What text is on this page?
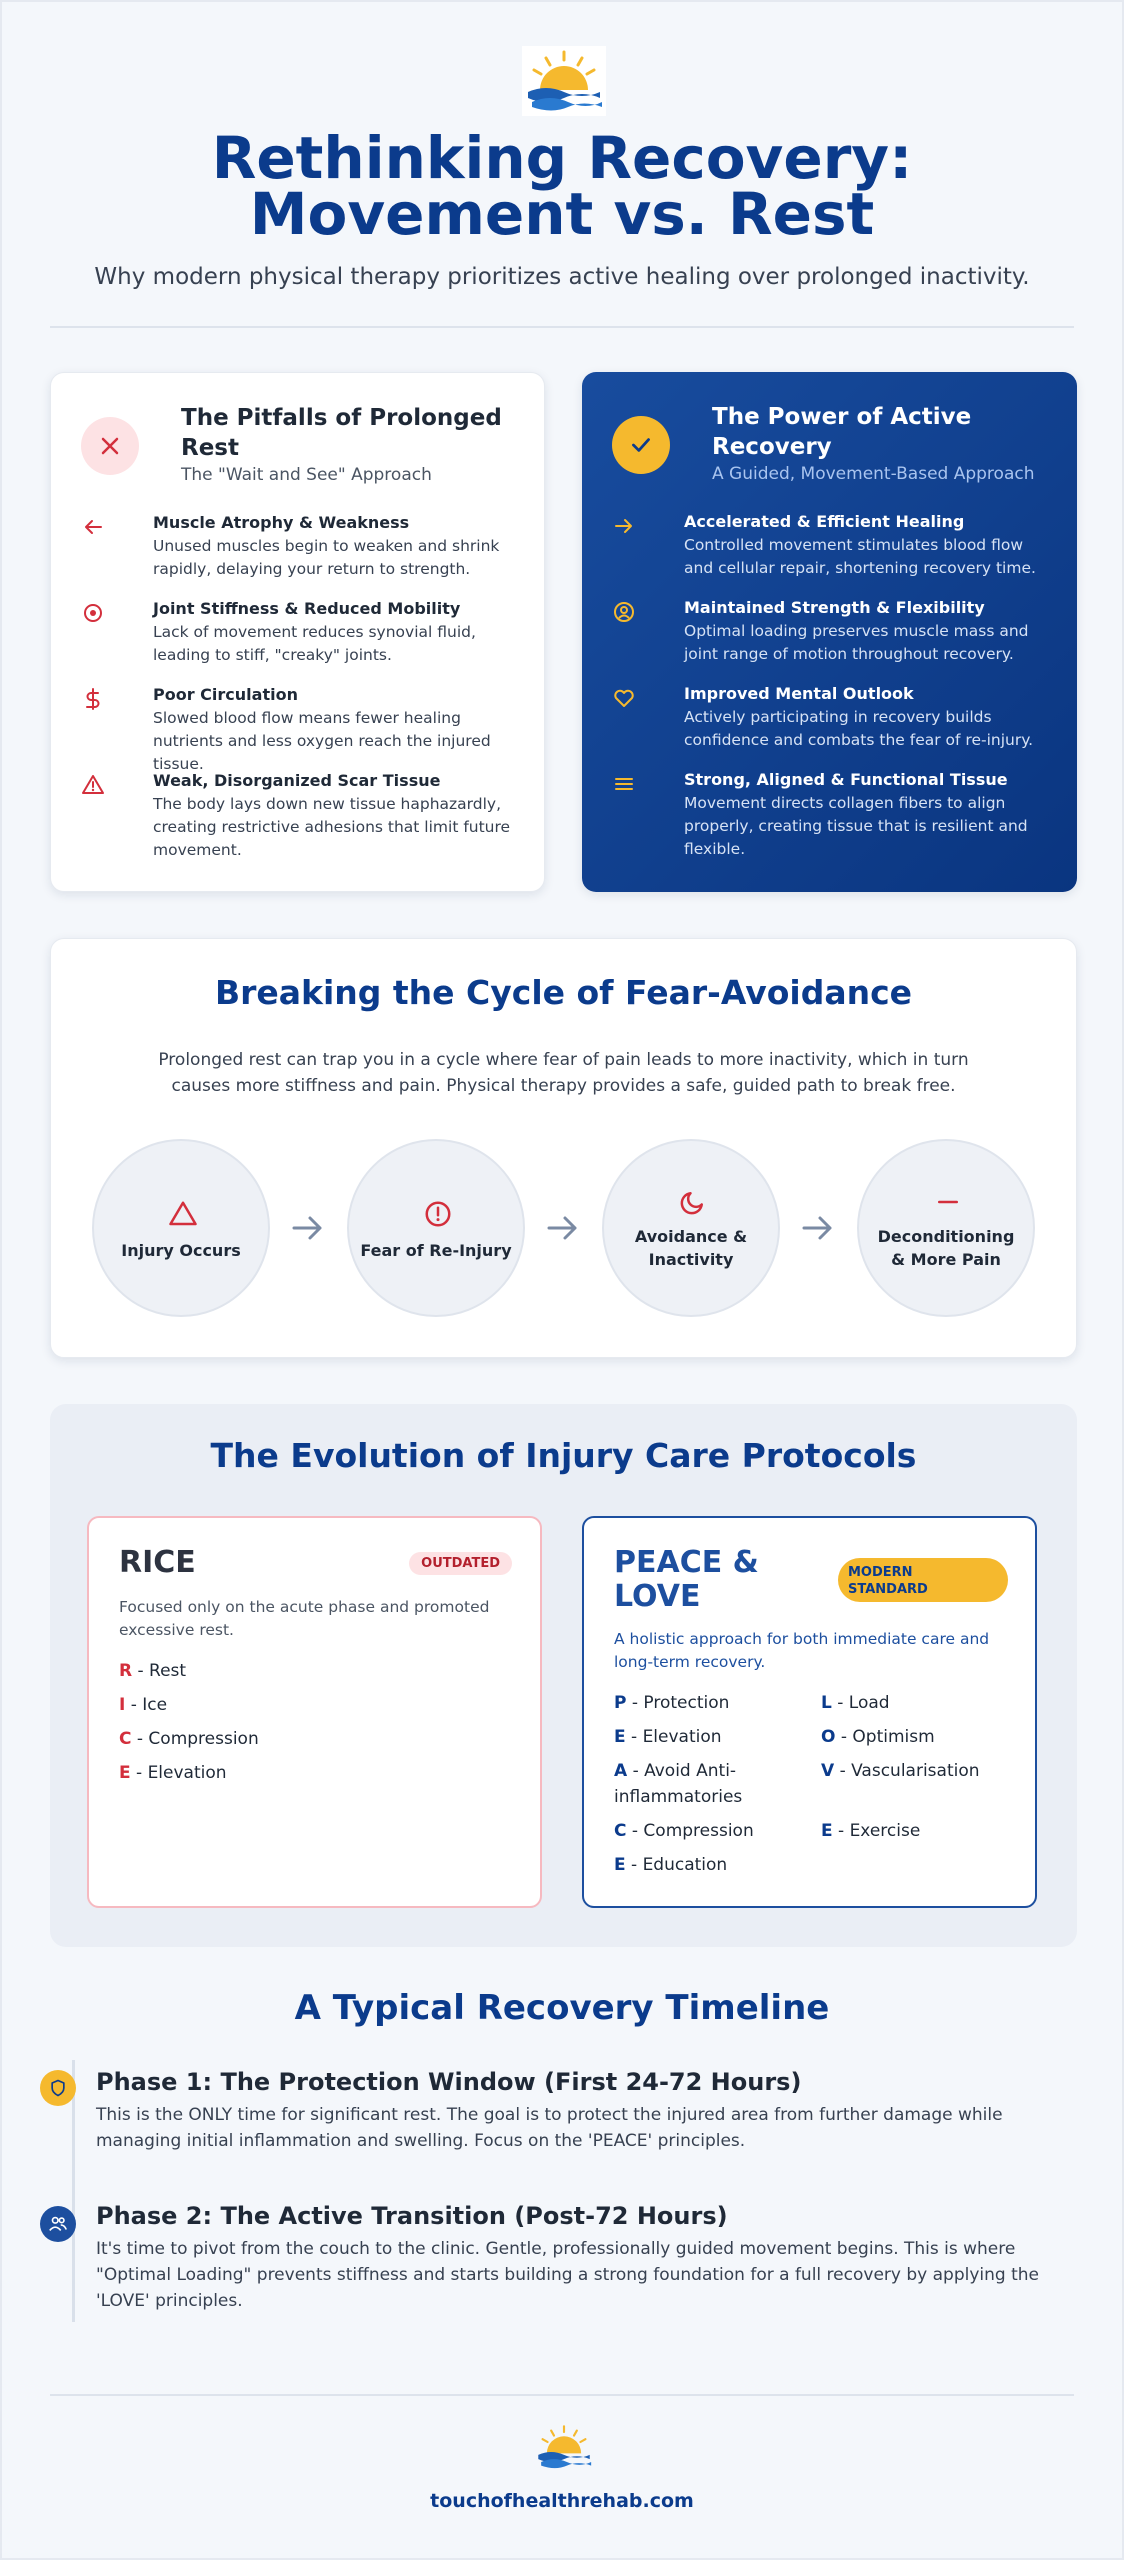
Rethinking Recovery:
Movement vs. Rest
Why modern physical therapy prioritizes active healing over prolonged inactivity.
The Pitfalls of Prolonged Rest
The "Wait and See" Approach
Muscle Atrophy & Weakness
Unused muscles begin to weaken and shrink rapidly, delaying your return to strength.
Joint Stiffness & Reduced Mobility
Lack of movement reduces synovial fluid, leading to stiff, "creaky" joints.
Poor Circulation
Slowed blood flow means fewer healing nutrients and less oxygen reach the injured tissue.
Weak, Disorganized Scar Tissue
The body lays down new tissue haphazardly, creating restrictive adhesions that limit future movement.
The Power of Active Recovery
A Guided, Movement-Based Approach
Accelerated & Efficient Healing
Controlled movement stimulates blood flow and cellular repair, shortening recovery time.
Maintained Strength & Flexibility
Optimal loading preserves muscle mass and joint range of motion throughout recovery.
Improved Mental Outlook
Actively participating in recovery builds confidence and combats the fear of re-injury.
Strong, Aligned & Functional Tissue
Movement directs collagen fibers to align properly, creating tissue that is resilient and flexible.
Breaking the Cycle of Fear-Avoidance
Prolonged rest can trap you in a cycle where fear of pain leads to more inactivity, which in turn causes more stiffness and pain. Physical therapy provides a safe, guided path to break free.
Injury Occurs	Fear of Re-Injury
Avoidance & Inactivity
Deconditioning & More Pain
The Evolution of Injury Care Protocols
RICE	OUTDATED
Focused only on the acute phase and promoted excessive rest.
R - Rest
I - Ice
C - Compression
E - Elevation
PEACE &
LOVE
MODERN
STANDARD
A holistic approach for both immediate care and long-term recovery.
P - Protection
E - Elevation
A - Avoid Anti-inflammatories
C - Compression
E - Education
L - Load
O - Optimism
V - Vascularisation
E - Exercise
A Typical Recovery Timeline
Phase 1: The Protection Window (First 24-72 Hours)
This is the ONLY time for significant rest. The goal is to protect the injured area from further damage while managing initial inflammation and swelling. Focus on the 'PEACE' principles.
Phase 2: The Active Transition (Post-72 Hours)
It's time to pivot from the couch to the clinic. Gentle, professionally guided movement begins. This is where "Optimal Loading" prevents stiffness and starts building a strong foundation for a full recovery by applying the 'LOVE' principles.
touchofhealthrehab.com
